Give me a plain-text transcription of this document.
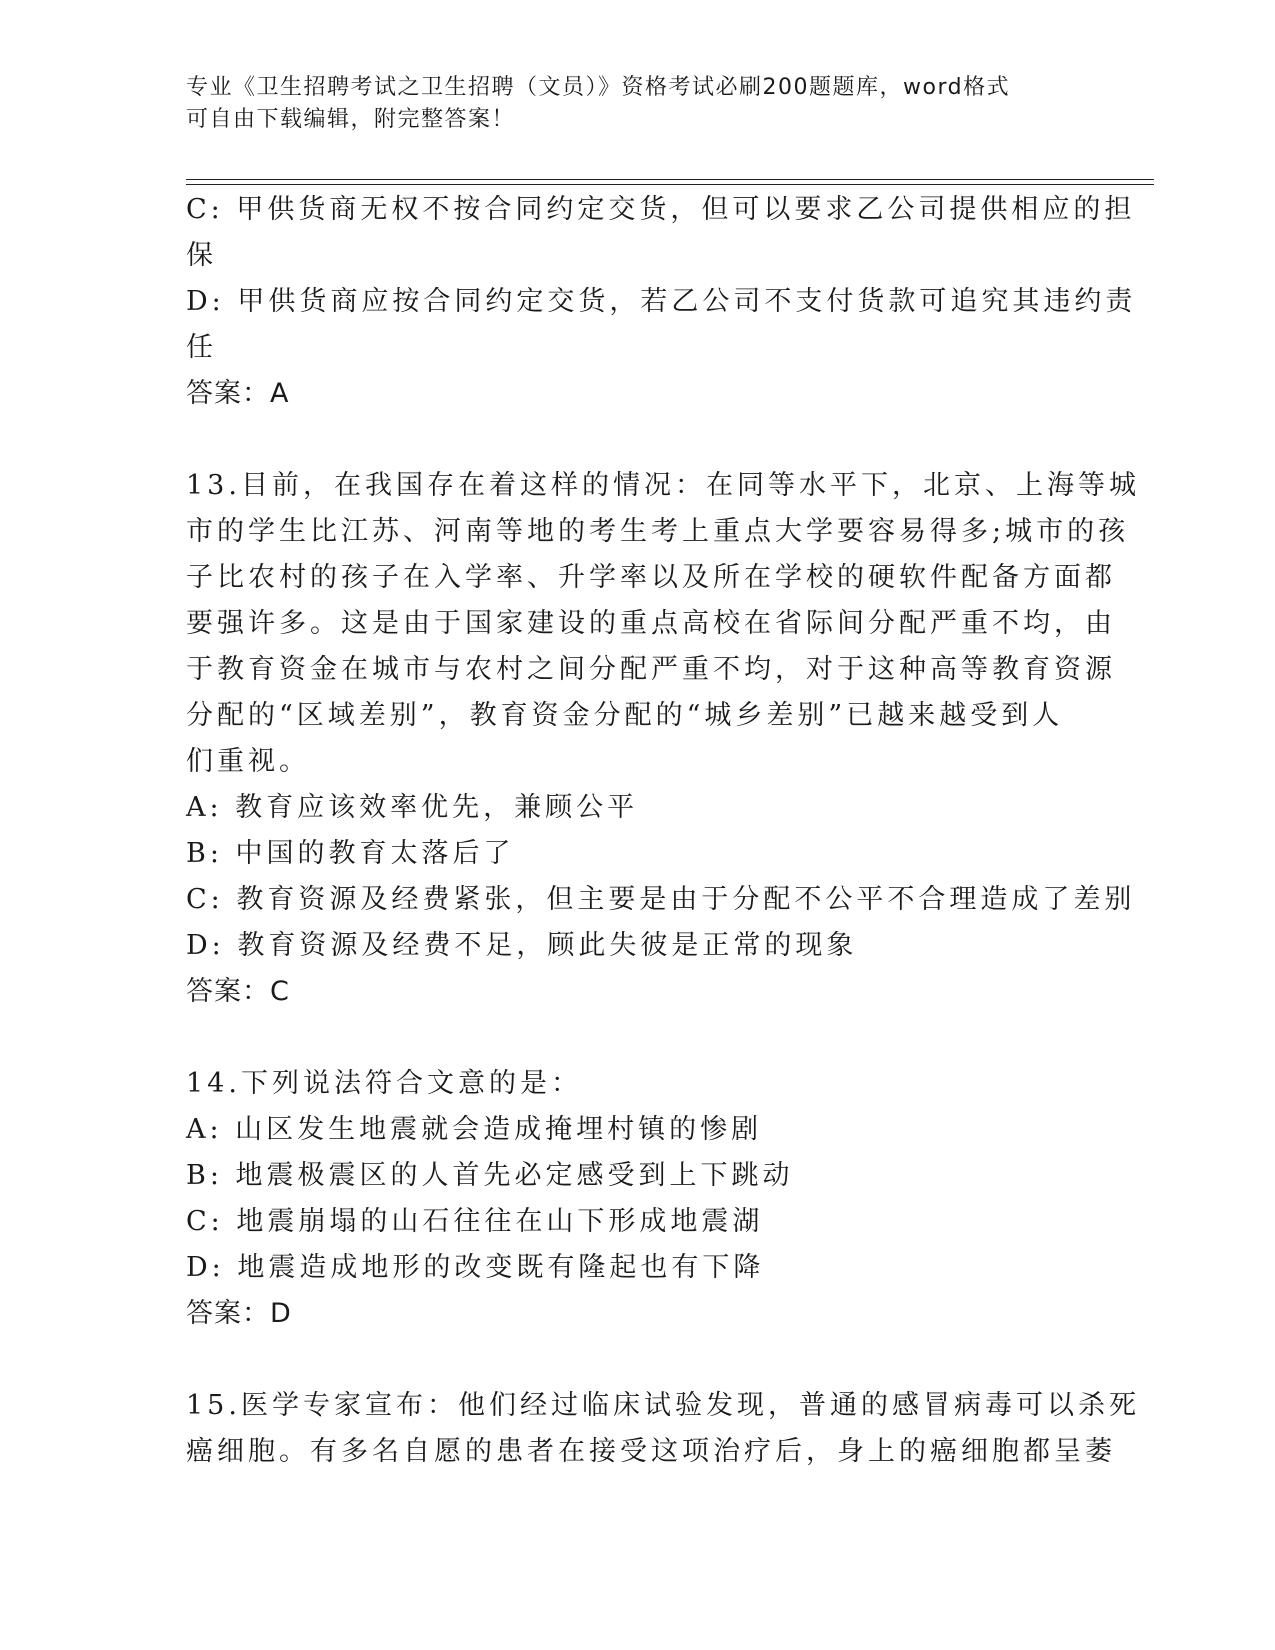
专业《卫生招聘考试之卫生招聘（文员）》资格考试必刷200题题库，word格式
可自由下载编辑，附完整答案！
C: 甲供货商无权不按合同约定交货，但可以要求乙公司提供相应的担
保
D: 甲供货商应按合同约定交货，若乙公司不支付货款可追究其违约责
任
答案：A
13.目前，在我国存在着这样的情况：在同等水平下，北京、上海等城
市的学生比江苏、河南等地的考生考上重点大学要容易得多;城市的孩
子比农村的孩子在入学率、升学率以及所在学校的硬软件配备方面都
要强许多。这是由于国家建设的重点高校在省际间分配严重不均，由
于教育资金在城市与农村之间分配严重不均，对于这种高等教育资源
分配的“区域差别”，教育资金分配的“城乡差别”已越来越受到人
们重视。
A: 教育应该效率优先，兼顾公平
B: 中国的教育太落后了
C: 教育资源及经费紧张，但主要是由于分配不公平不合理造成了差别
D: 教育资源及经费不足，顾此失彼是正常的现象
答案：C
14.下列说法符合文意的是：
A: 山区发生地震就会造成掩埋村镇的惨剧
B: 地震极震区的人首先必定感受到上下跳动
C: 地震崩塌的山石往往在山下形成地震湖
D: 地震造成地形的改变既有隆起也有下降
答案：D
15.医学专家宣布：他们经过临床试验发现，普通的感冒病毒可以杀死
癌细胞。有多名自愿的患者在接受这项治疗后，身上的癌细胞都呈萎
